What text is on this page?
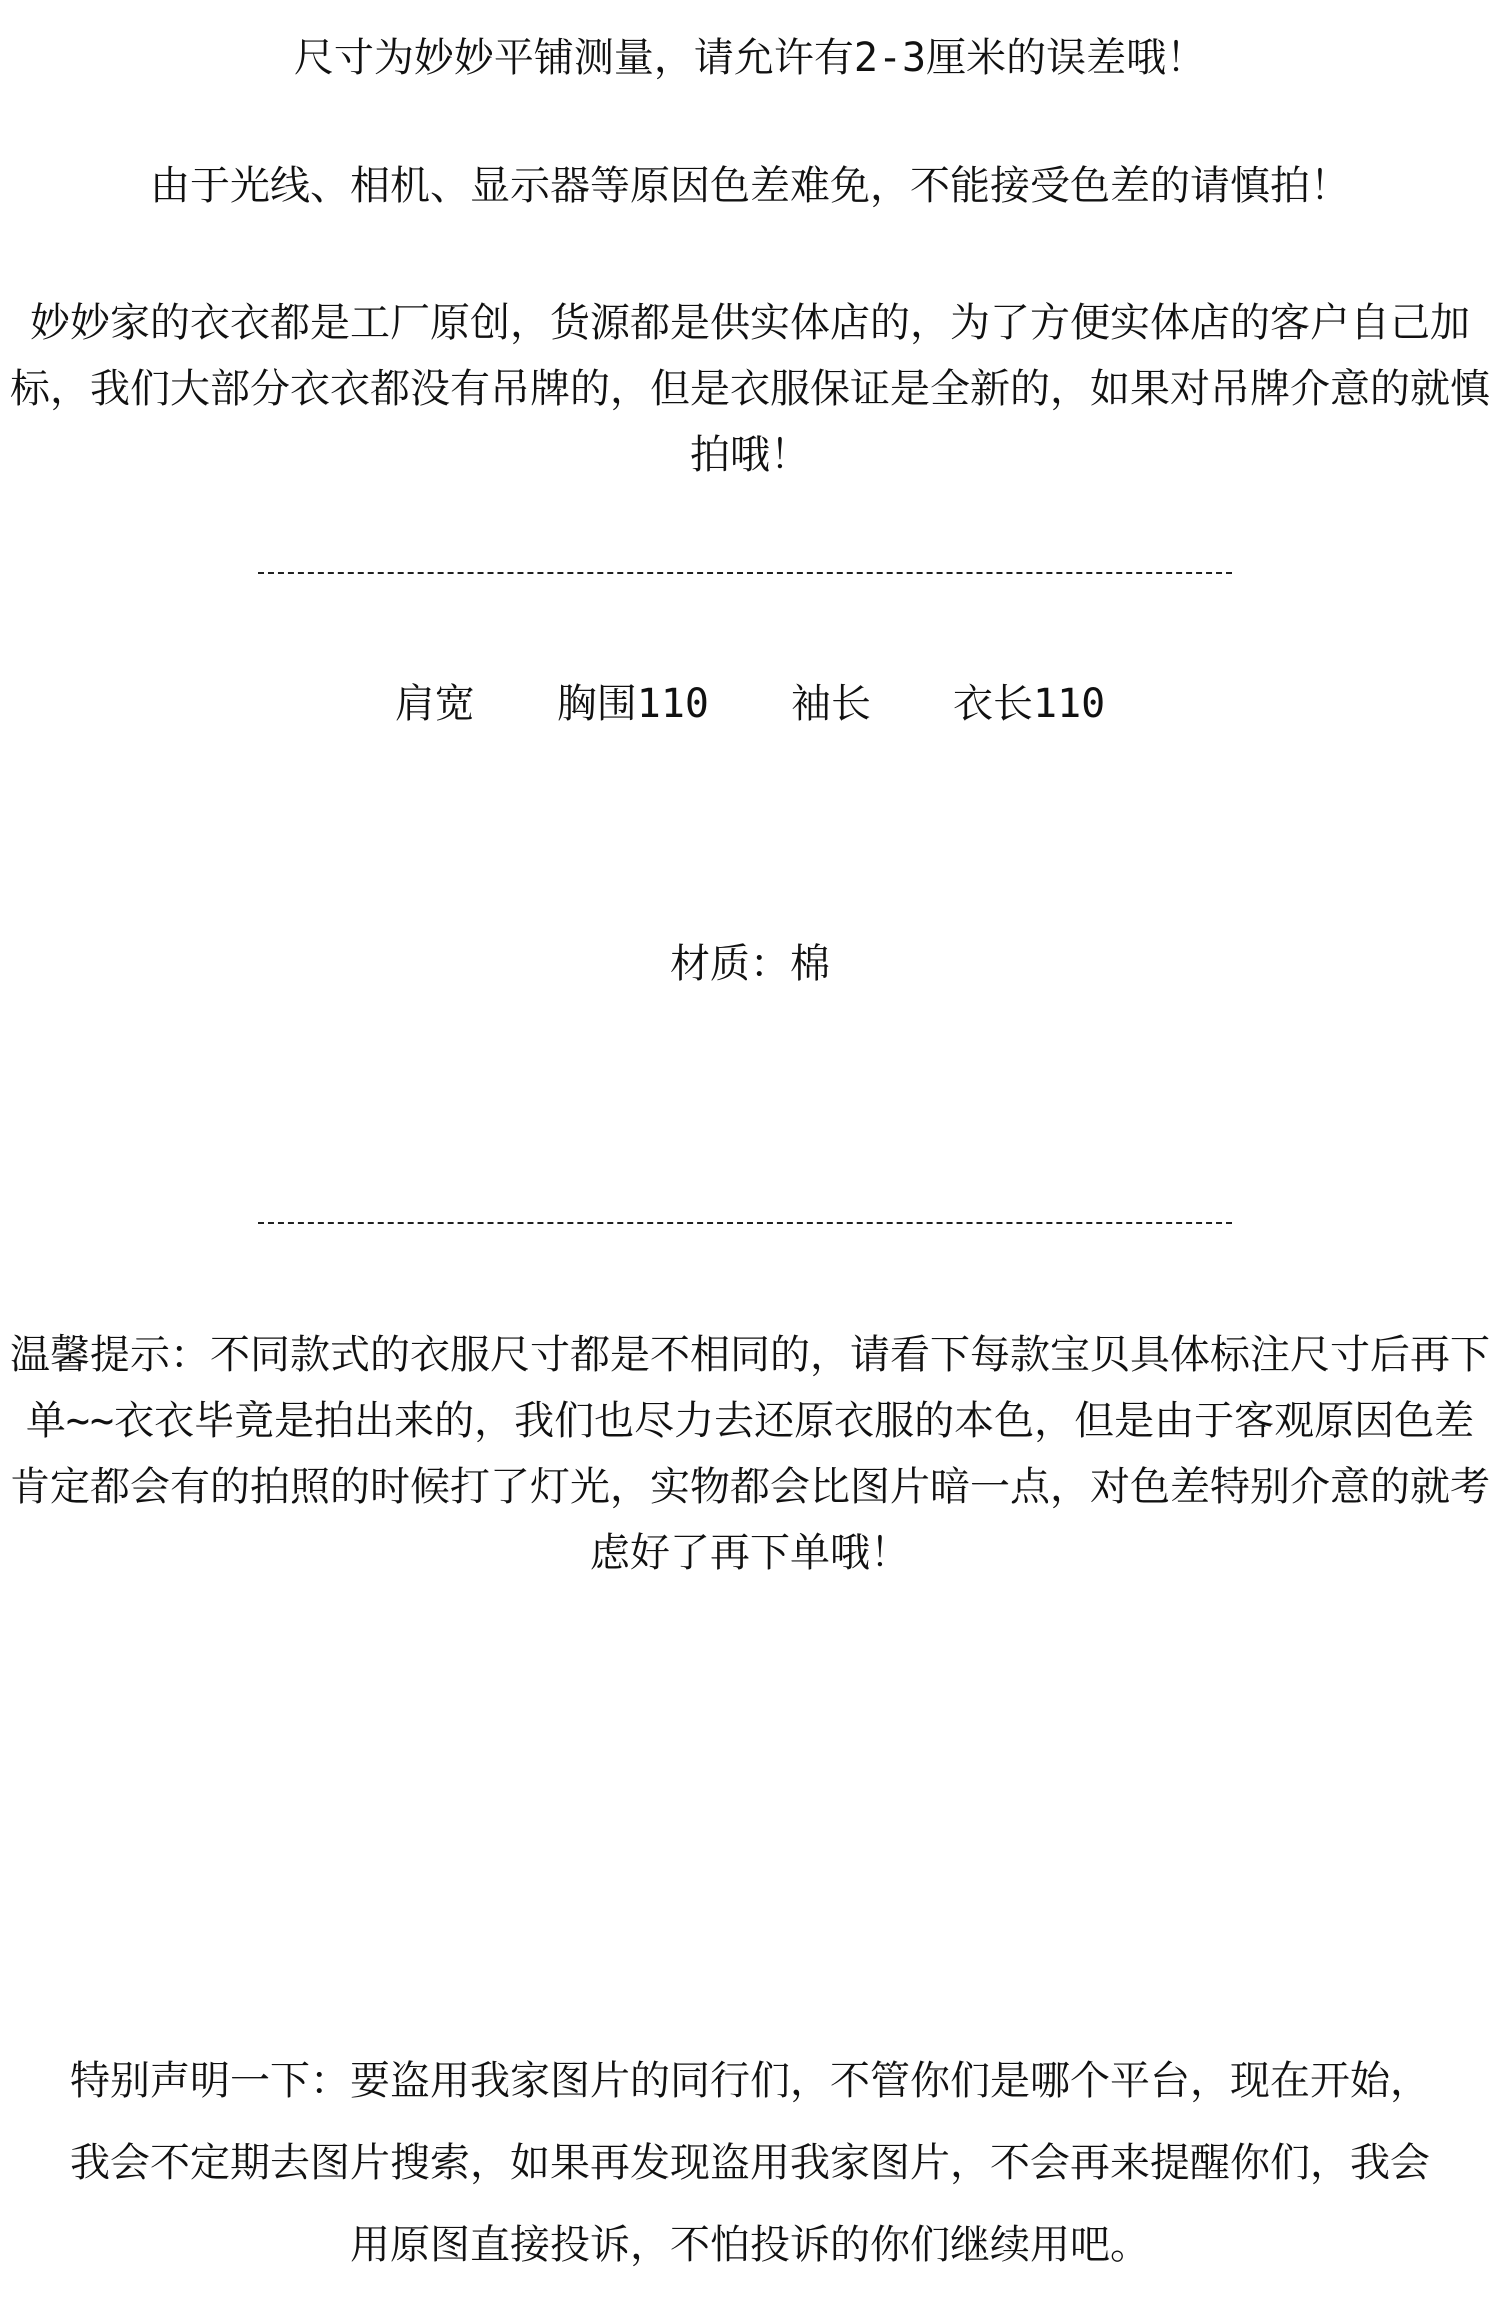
尺寸为妙妙平铺测量，请允许有2-3厘米的误差哦！
由于光线、相机、显示器等原因色差难免，不能接受色差的请慎拍！
妙妙家的衣衣都是工厂原创，货源都是供实体店的，为了方便实体店的客户自己加标，我们大部分衣衣都没有吊牌的，但是衣服保证是全新的，如果对吊牌介意的就慎拍哦！
肩宽 胸围110 袖长 衣长110
材质：棉
温馨提示：不同款式的衣服尺寸都是不相同的，请看下每款宝贝具体标注尺寸后再下单~~衣衣毕竟是拍出来的，我们也尽力去还原衣服的本色，但是由于客观原因色差肯定都会有的拍照的时候打了灯光，实物都会比图片暗一点，对色差特别介意的就考虑好了再下单哦！
特别声明一下：要盗用我家图片的同行们，不管你们是哪个平台，现在开始，我会不定期去图片搜索，如果再发现盗用我家图片，不会再来提醒你们，我会用原图直接投诉，不怕投诉的你们继续用吧。
